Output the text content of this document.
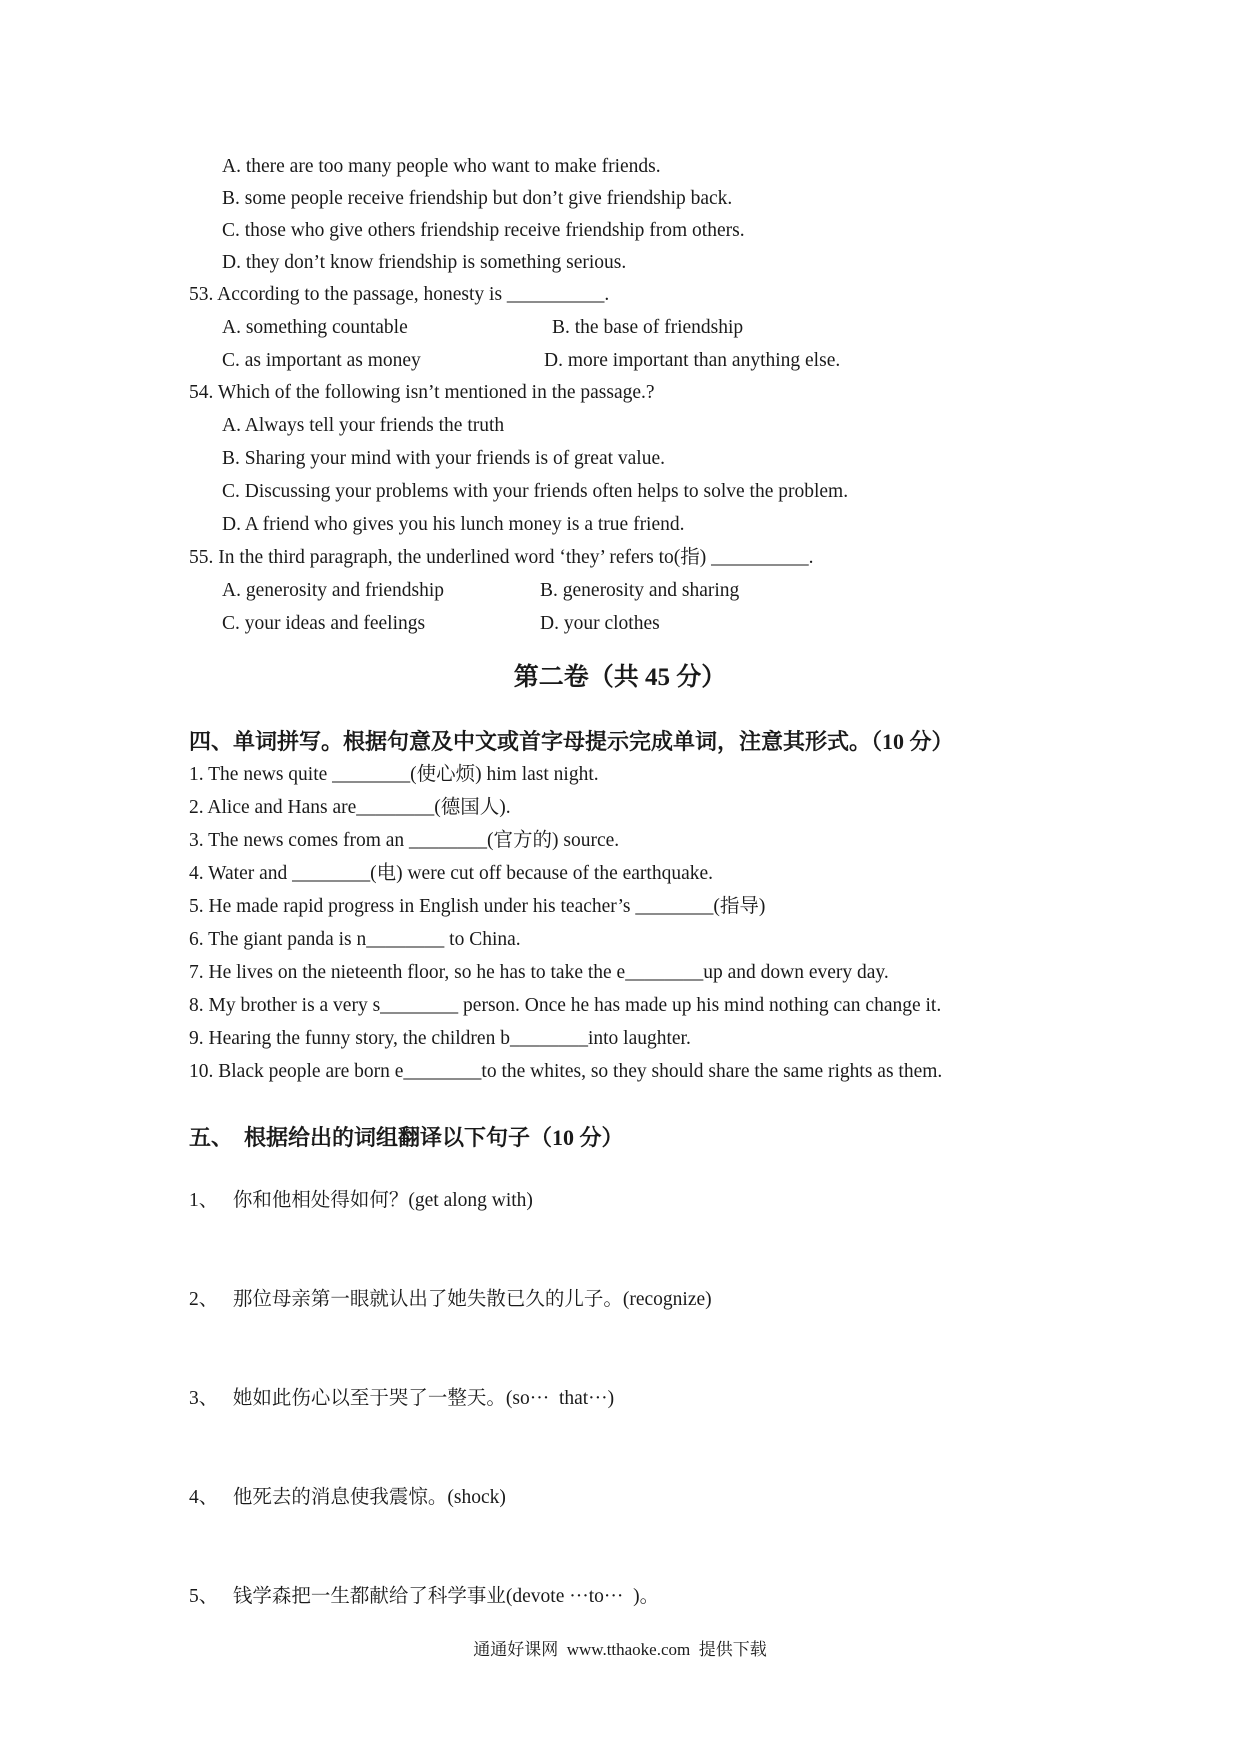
A. there are too many people who want to make friends.
B. some people receive friendship but don’t give friendship back.
C. those who give others friendship receive friendship from others.
D. they don’t know friendship is something serious.
53. According to the passage, honesty is __________.
A. something countable	B. the base of friendship
C. as important as money	D. more important than anything else.
54. Which of the following isn’t mentioned in the passage.?
A. Always tell your friends the truth
B. Sharing your mind with your friends is of great value.
C. Discussing your problems with your friends often helps to solve the problem.
D. A friend who gives you his lunch money is a true friend.
55. In the third paragraph, the underlined word ‘they’ refers to(指) __________.
A. generosity and friendship	B. generosity and sharing
C. your ideas and feelings	D. your clothes
第二卷（共 45 分）
四、单词拼写。根据句意及中文或首字母提示完成单词，注意其形式。（10 分）
1. The news quite ________(使心烦) him last night.
2. Alice and Hans are________(德国人).
3. The news comes from an ________(官方的) source.
4. Water and ________(电) were cut off because of the earthquake.
5. He made rapid progress in English under his teacher’s ________(指导)
6. The giant panda is n________ to China.
7. He lives on the nieteenth floor, so he has to take the e________up and down every day.
8. My brother is a very s________ person. Once he has made up his mind nothing can change it.
9. Hearing the funny story, the children b________into laughter.
10. Black people are born e________to the whites, so they should share the same rights as them.
五、  根据给出的词组翻译以下句子（10 分）
1、   你和他相处得如何？(get along with)
2、   那位母亲第一眼就认出了她失散已久的儿子。(recognize)
3、   她如此伤心以至于哭了一整天。(so···  that···)
4、   他死去的消息使我震惊。(shock)
5、   钱学森把一生都献给了科学事业(devote ···to···  )。
通通好课网  www.tthaoke.com  提供下载
